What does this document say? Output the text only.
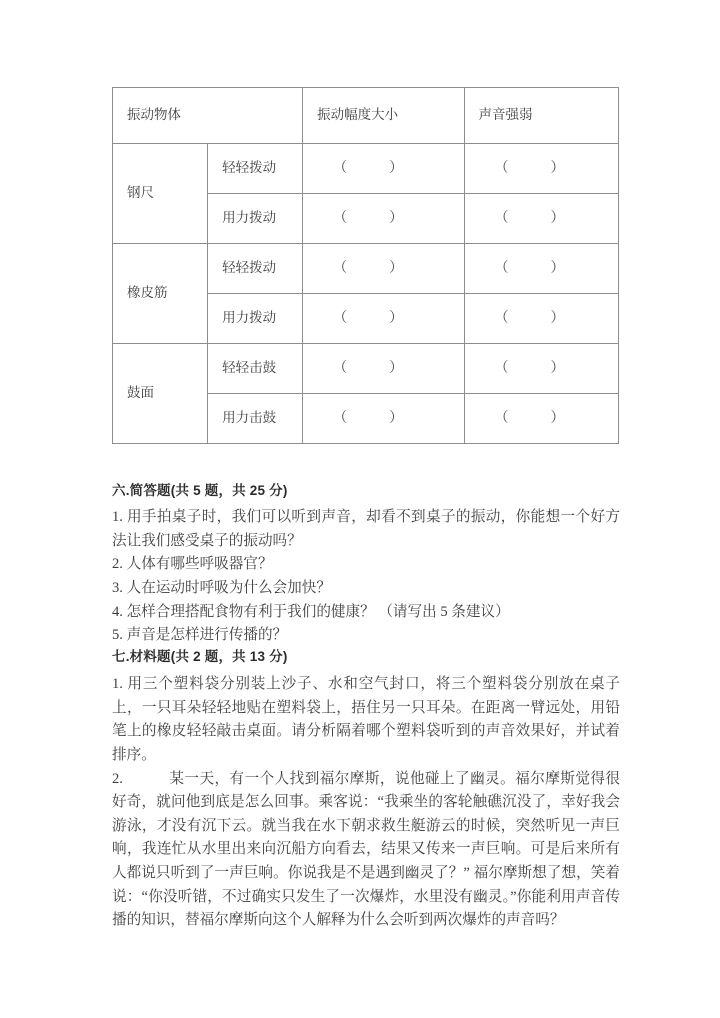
振动物体		振动幅度大小	声音强弱
钢尺	轻轻拨动	（ ）	（ ）
	用力拨动	（ ）	（ ）
橡皮筋	轻轻拨动	（ ）	（ ）
	用力拨动	（ ）	（ ）
鼓面	轻轻击鼓	（ ）	（ ）
	用力击鼓	（ ）	（ ）
六.简答题(共 5 题，共 25 分)

1. 用手拍桌子时，我们可以听到声音，却看不到桌子的振动，你能想一个好方法让我们感受桌子的振动吗？

2. 人体有哪些呼吸器官？

3. 人在运动时呼吸为什么会加快？

4. 怎样合理搭配食物有利于我们的健康？ （请写出 5 条建议）

5. 声音是怎样进行传播的？

七.材料题(共 2 题，共 13 分)

1. 用三个塑料袋分别装上沙子、水和空气封口，将三个塑料袋分别放在桌子上，一只耳朵轻轻地贴在塑料袋上，捂住另一只耳朵。在距离一臂远处，用铅笔上的橡皮轻轻敲击桌面。请分析隔着哪个塑料袋听到的声音效果好，并试着排序。

2.	某一天，有一个人找到福尔摩斯，说他碰上了幽灵。福尔摩斯觉得很好奇，就问他到底是怎么回事。乘客说：“我乘坐的客轮触礁沉没了，幸好我会游泳，才没有沉下云。就当我在水下朝求救生艇游云的时候，突然听见一声巨响，我连忙从水里出来向沉船方向看去，结果又传来一声巨响。可是后来所有人都说只听到了一声巨响。你说我是不是遇到幽灵了？” 福尔摩斯想了想，笑着说：“你没听错，不过确实只发生了一次爆炸，水里没有幽灵。”你能利用声音传播的知识，替福尔摩斯向这个人解释为什么会听到两次爆炸的声音吗？
